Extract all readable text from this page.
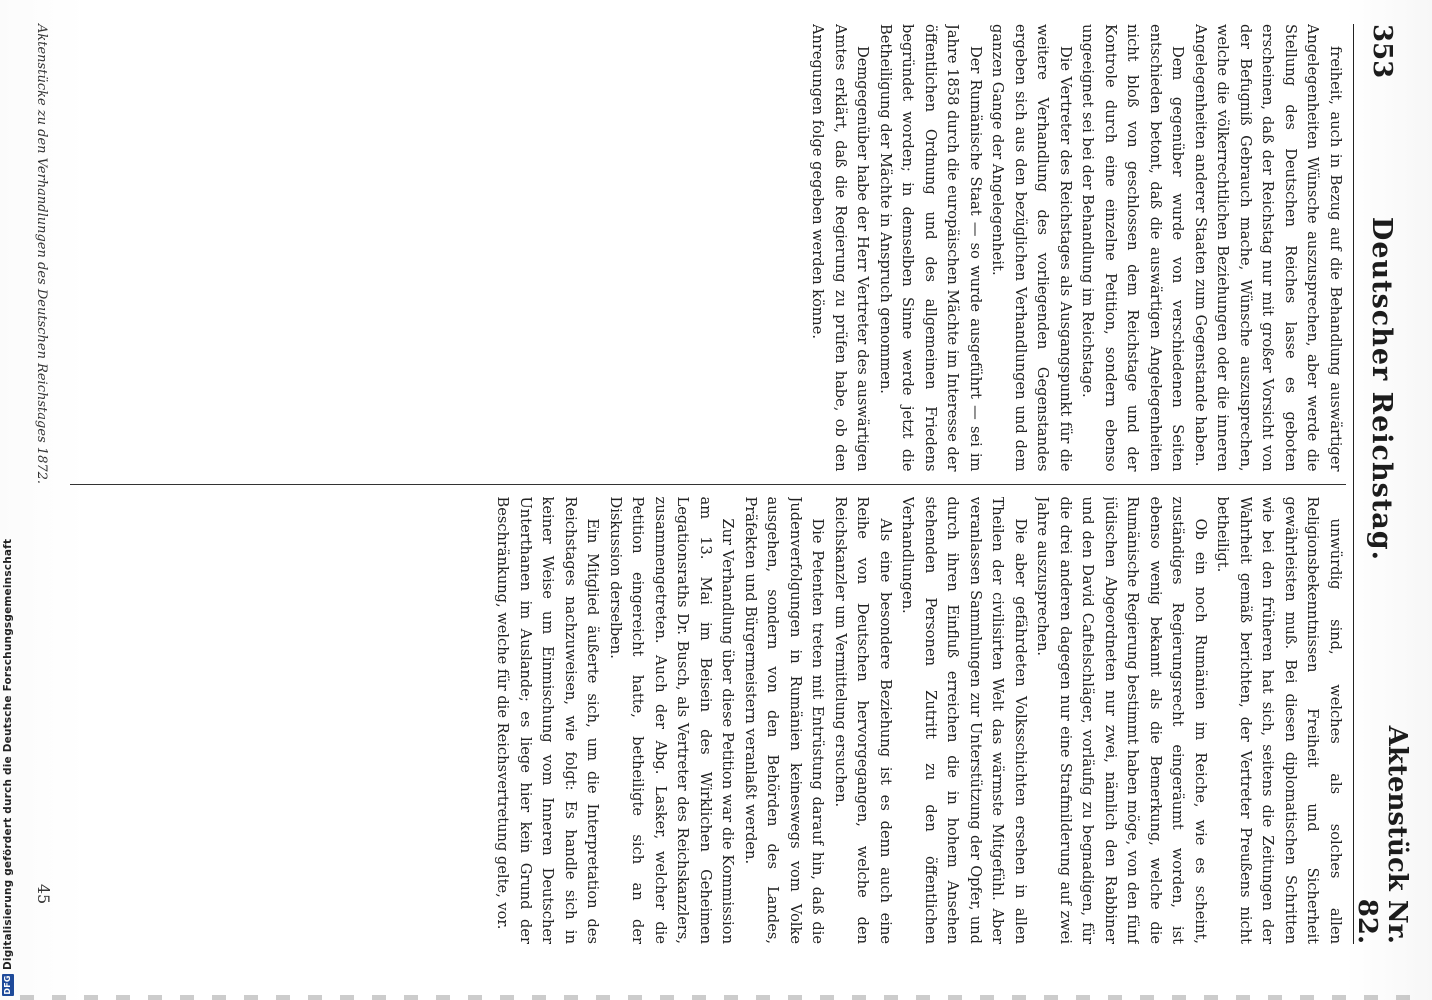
353
Deutscher Reichstag.
Aktenstück Nr. 82.

freiheit, auch in Bezug auf die Behandlung auswärtiger Angelegenheiten Wünsche auszusprechen, aber werde die Stellung des Deutschen Reiches lasse es geboten erscheinen, daß der Reichstag nur mit großer Vorsicht von der Befugniß Gebrauch mache, Wünsche auszusprechen, welche die völkerrechtlichen Beziehungen oder die inneren Angelegenheiten anderer Staaten zum Gegenstande haben.

Dem gegenüber wurde von verschiedenen Seiten entschieden betont, daß die auswärtigen Angelegenheiten nicht bloß von geschlossen dem Reichstage und der Kontrole durch eine einzelne Petition, sondern ebenso ungeeignet sei bei der Behandlung im Reichstage.

Die Vertreter des Reichstages als Ausgangspunkt für die weitere Verhandlung des vorliegenden Gegenstandes ergeben sich aus den bezüglichen Verhandlungen und dem ganzen Gange der Angelegenheit.

Der Rumänische Staat — so wurde ausgeführt — sei im Jahre 1858 durch die europäischen Mächte im Interesse der öffentlichen Ordnung und des allgemeinen Friedens begründet worden; in demselben Sinne werde jetzt die Betheiligung der Mächte in Anspruch genommen.

Demgegenüber habe der Herr Vertreter des auswärtigen Amtes erklärt, daß die Regierung zu prüfen habe, ob den Anregungen folge gegeben werden könne.

unwürdig sind, welches als solches allen Religionsbekenntnissen Freiheit und Sicherheit gewährleisten muß. Bei diesen diplomatischen Schritten wie bei den früheren hat sich, seitens die Zeitungen der Wahrheit gemäß berichten, der Vertreter Preußens nicht betheiligt.

Ob ein noch Rumänien im Reiche, wie es scheint, zuständiges Regierungsrecht eingeräumt worden, ist ebenso wenig bekannt als die Bemerkung, welche die Rumänische Regierung bestimmt haben möge, von den fünf jüdischen Abgeordneten nur zwei, nämlich den Rabbiner und den David Caftelschläger, vorläufig zu begnadigen, für die drei anderen dagegen nur eine Strafmilderung auf zwei Jahre auszusprechen.

Die aber gefährdeten Volksschichten ersehen in allen Theilen der civilisirten Welt das wärmste Mitgefühl. Aber veranlassen Sammlungen zur Unterstützung der Opfer, und durch ihren Einfluß erreichen die in hohem Ansehen stehenden Personen Zutritt zu den öffentlichen Verhandlungen.

Als eine besondere Beziehung ist es denn auch eine Reihe von Deutschen hervorgegangen, welche den Reichskanzler um Vermittelung ersuchen.

Die Petenten treten mit Entrüstung darauf hin, daß die Judenverfolgungen in Rumänien keineswegs vom Volke ausgehen, sondern von den Behörden des Landes, Präfekten und Bürgermeistern veranlaßt werden.

Zur Verhandlung über diese Petition war die Kommission am 13. Mai im Beisein des Wirklichen Geheimen Legationsraths Dr. Busch, als Vertreter des Reichskanzlers, zusammengetreten. Auch der Abg. Lasker, welcher die Petition eingereicht hatte, betheiligte sich an der Diskussion derselben.

Ein Mitglied äußerte sich, um die Interpretation des Reichstages nachzuweisen, wie folgt: Es handle sich in keiner Weise um Einmischung vom Inneren Deutscher Unterthanen im Auslande; es liege hier kein Grund der Beschränkung, welche für die Reichsvertretung gelte, vor.

Aktenstücke zu den Verhandlungen des Deutschen Reichstages 1872.
45
DFG
Digitalisierung gefördert durch die Deutsche Forschungsgemeinschaft
